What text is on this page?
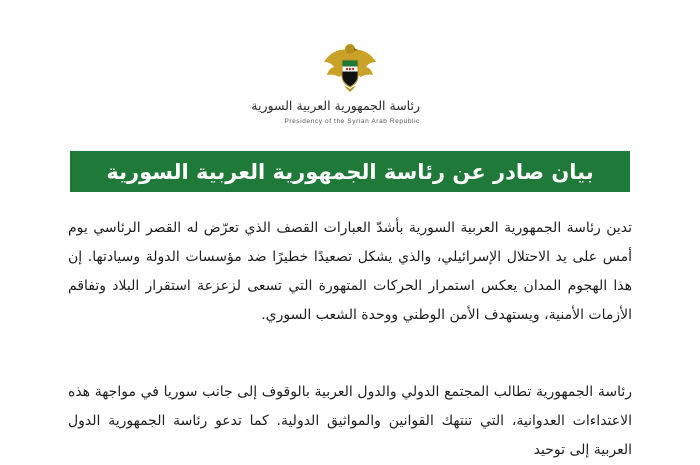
رئاسة الجمهورية العربية السورية
Presidency of the Syrian Arab Republic
بيان صادر عن رئاسة الجمهورية العربية السورية

تدين رئاسة الجمهورية العربية السورية بأشدّ العبارات القصف الذي تعرّض له القصر الرئاسي يوم أمس على يد الاحتلال الإسرائيلي، والذي يشكل تصعيدًا خطيرًا ضد مؤسسات الدولة وسيادتها. إن هذا الهجوم المدان يعكس استمرار الحركات المتهورة التي تسعى لزعزعة استقرار البلاد وتفاقم الأزمات الأمنية، ويستهدف الأمن الوطني ووحدة الشعب السوري.

رئاسة الجمهورية تطالب المجتمع الدولي والدول العربية بالوقوف إلى جانب سوريا في مواجهة هذه الاعتداءات العدوانية، التي تنتهك القوانين والمواثيق الدولية. كما تدعو رئاسة الجمهورية الدول العربية إلى توحيد
